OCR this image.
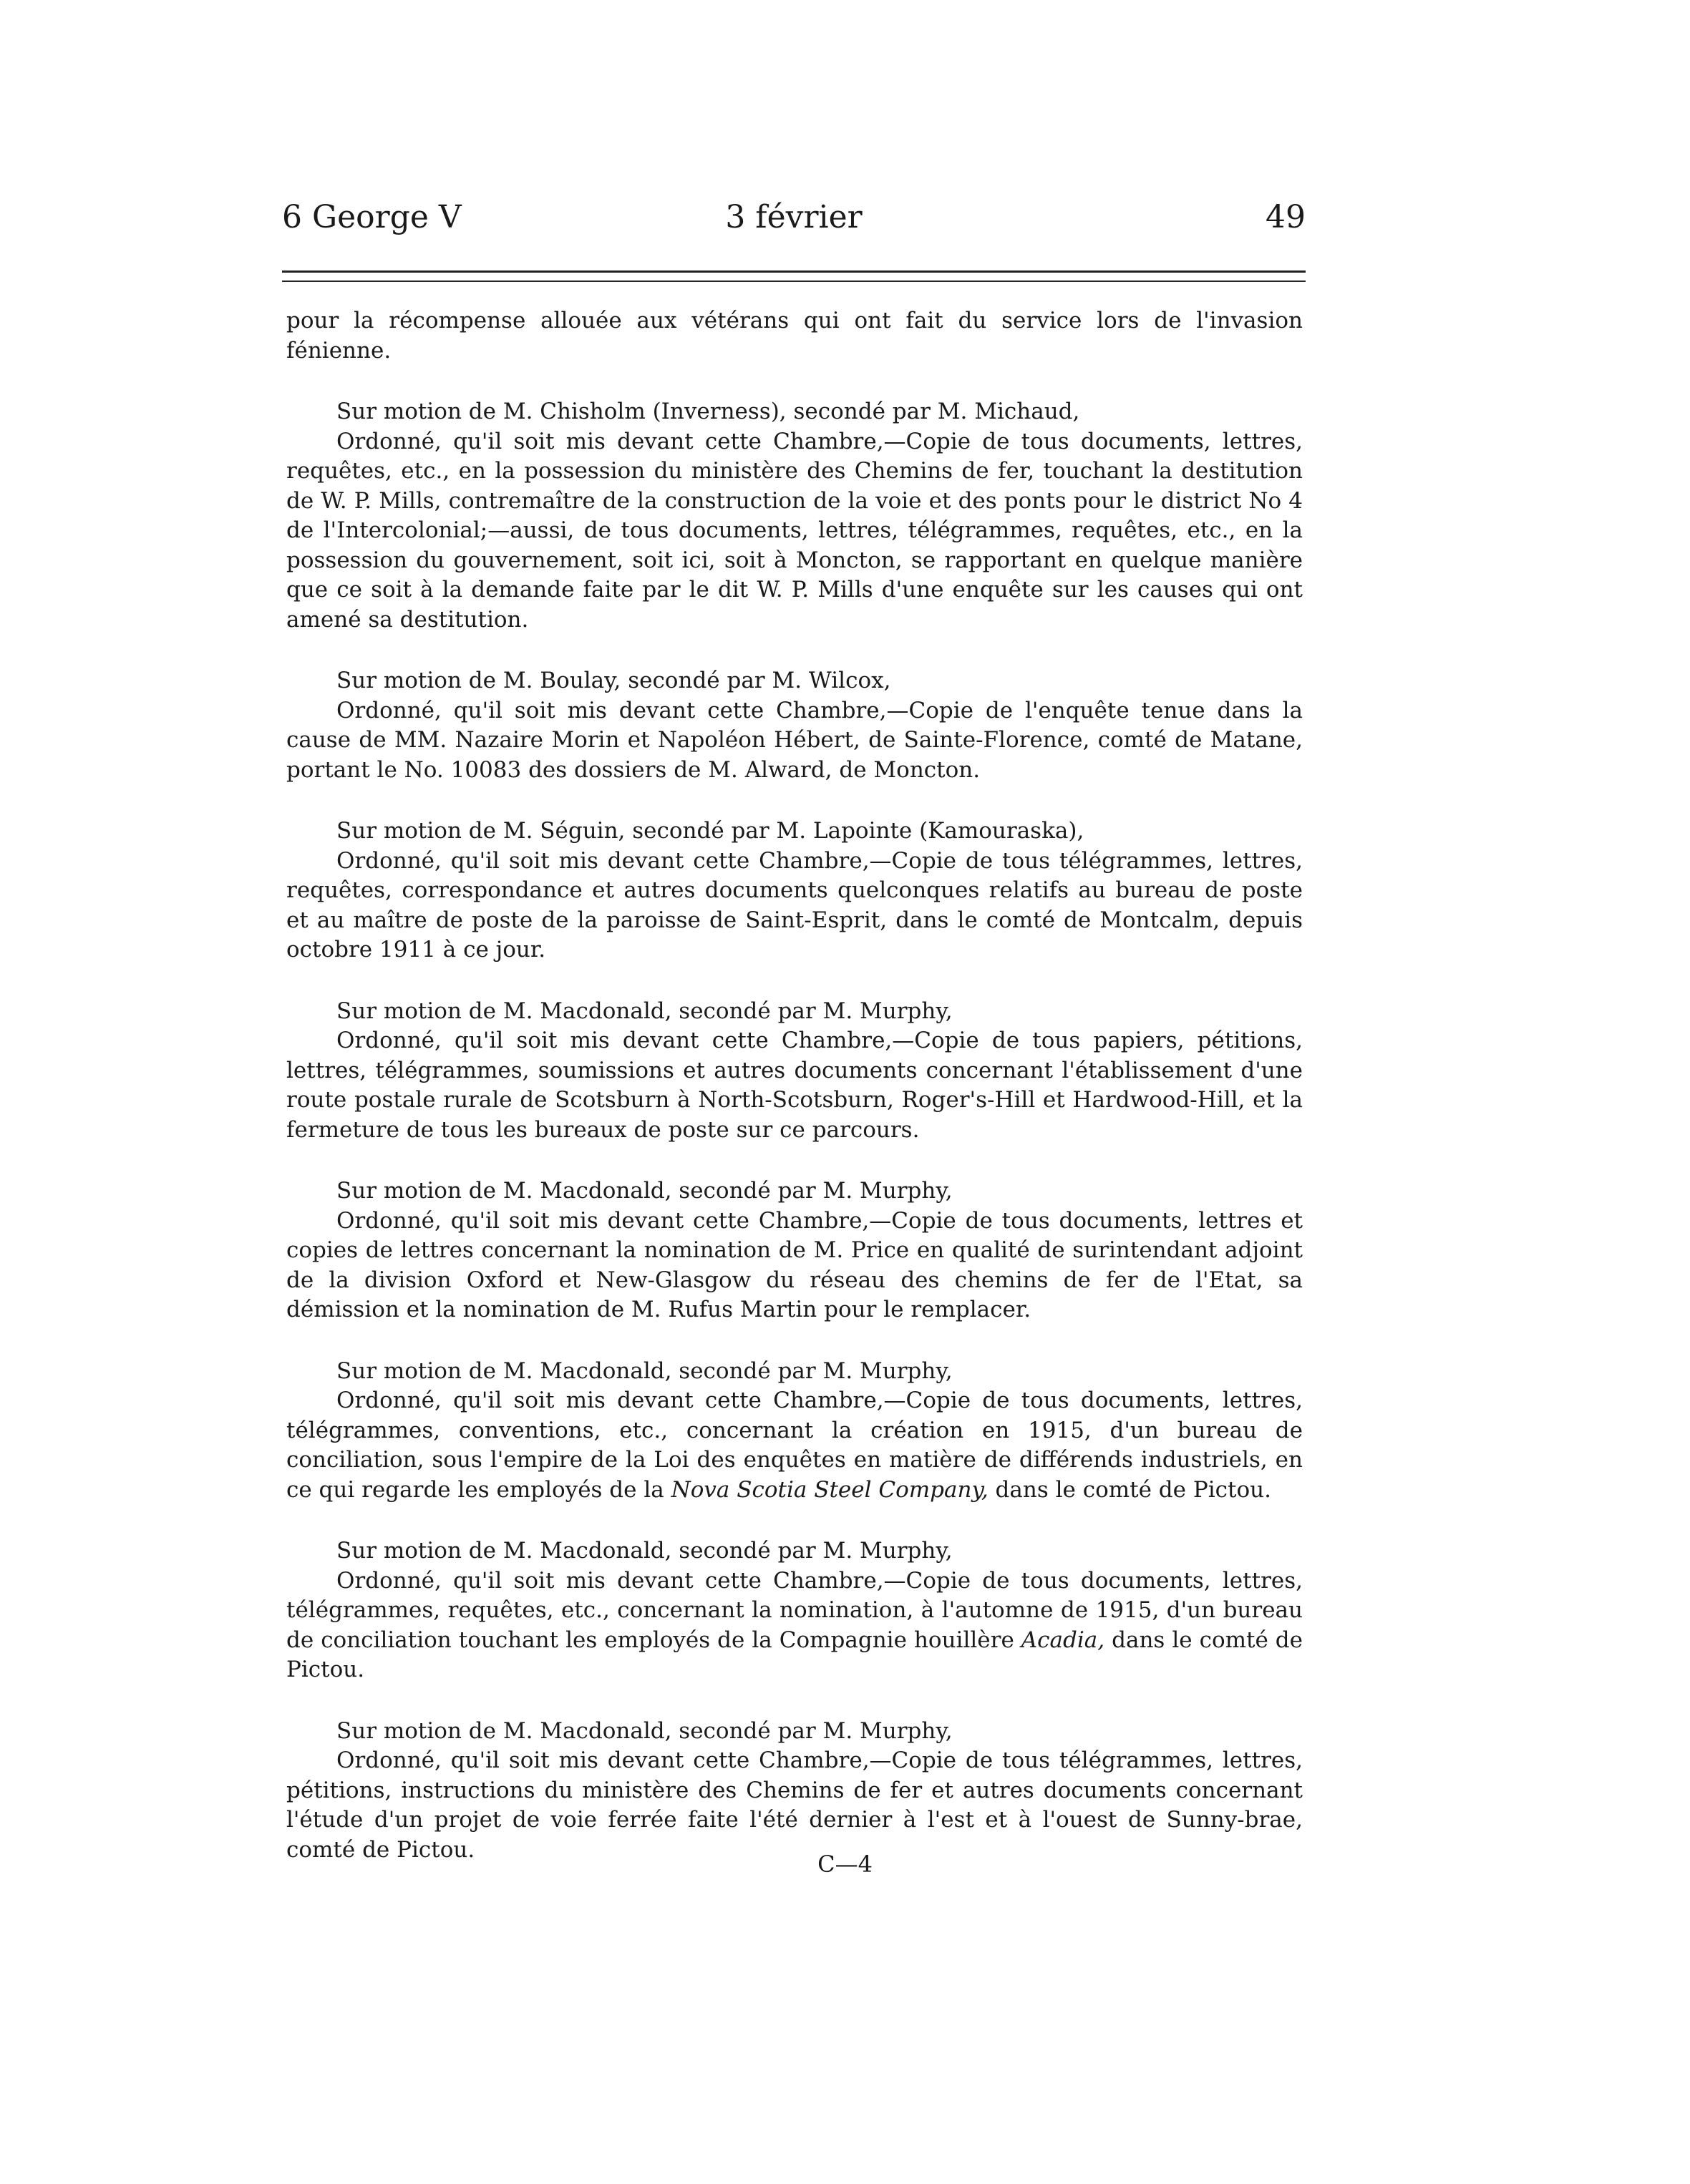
6 George V	3 février	49

pour la récompense allouée aux vétérans qui ont fait du service lors de l'invasion fénienne.

Sur motion de M. Chisholm (Inverness), secondé par M. Michaud,

Ordonné, qu'il soit mis devant cette Chambre,—Copie de tous documents, lettres, requêtes, etc., en la possession du ministère des Chemins de fer, touchant la destitution de W. P. Mills, contremaître de la construction de la voie et des ponts pour le district No 4 de l'Intercolonial;—aussi, de tous documents, lettres, télégrammes, requêtes, etc., en la possession du gouvernement, soit ici, soit à Moncton, se rapportant en quelque manière que ce soit à la demande faite par le dit W. P. Mills d'une enquête sur les causes qui ont amené sa destitution.

Sur motion de M. Boulay, secondé par M. Wilcox,

Ordonné, qu'il soit mis devant cette Chambre,—Copie de l'enquête tenue dans la cause de MM. Nazaire Morin et Napoléon Hébert, de Sainte-Florence, comté de Matane, portant le No. 10083 des dossiers de M. Alward, de Moncton.

Sur motion de M. Séguin, secondé par M. Lapointe (Kamouraska),

Ordonné, qu'il soit mis devant cette Chambre,—Copie de tous télégrammes, lettres, requêtes, correspondance et autres documents quelconques relatifs au bureau de poste et au maître de poste de la paroisse de Saint-Esprit, dans le comté de Montcalm, depuis octobre 1911 à ce jour.

Sur motion de M. Macdonald, secondé par M. Murphy,

Ordonné, qu'il soit mis devant cette Chambre,—Copie de tous papiers, pétitions, lettres, télégrammes, soumissions et autres documents concernant l'établissement d'une route postale rurale de Scotsburn à North-Scotsburn, Roger's-Hill et Hardwood-Hill, et la fermeture de tous les bureaux de poste sur ce parcours.

Sur motion de M. Macdonald, secondé par M. Murphy,

Ordonné, qu'il soit mis devant cette Chambre,—Copie de tous documents, lettres et copies de lettres concernant la nomination de M. Price en qualité de surintendant adjoint de la division Oxford et New-Glasgow du réseau des chemins de fer de l'Etat, sa démission et la nomination de M. Rufus Martin pour le remplacer.

Sur motion de M. Macdonald, secondé par M. Murphy,

Ordonné, qu'il soit mis devant cette Chambre,—Copie de tous documents, lettres, télégrammes, conventions, etc., concernant la création en 1915, d'un bureau de conciliation, sous l'empire de la Loi des enquêtes en matière de différends industriels, en ce qui regarde les employés de la Nova Scotia Steel Company, dans le comté de Pictou.

Sur motion de M. Macdonald, secondé par M. Murphy,

Ordonné, qu'il soit mis devant cette Chambre,—Copie de tous documents, lettres, télégrammes, requêtes, etc., concernant la nomination, à l'automne de 1915, d'un bureau de conciliation touchant les employés de la Compagnie houillère Acadia, dans le comté de Pictou.

Sur motion de M. Macdonald, secondé par M. Murphy,

Ordonné, qu'il soit mis devant cette Chambre,—Copie de tous télégrammes, lettres, pétitions, instructions du ministère des Chemins de fer et autres documents concernant l'étude d'un projet de voie ferrée faite l'été dernier à l'est et à l'ouest de Sunny-brae, comté de Pictou.

C—4
